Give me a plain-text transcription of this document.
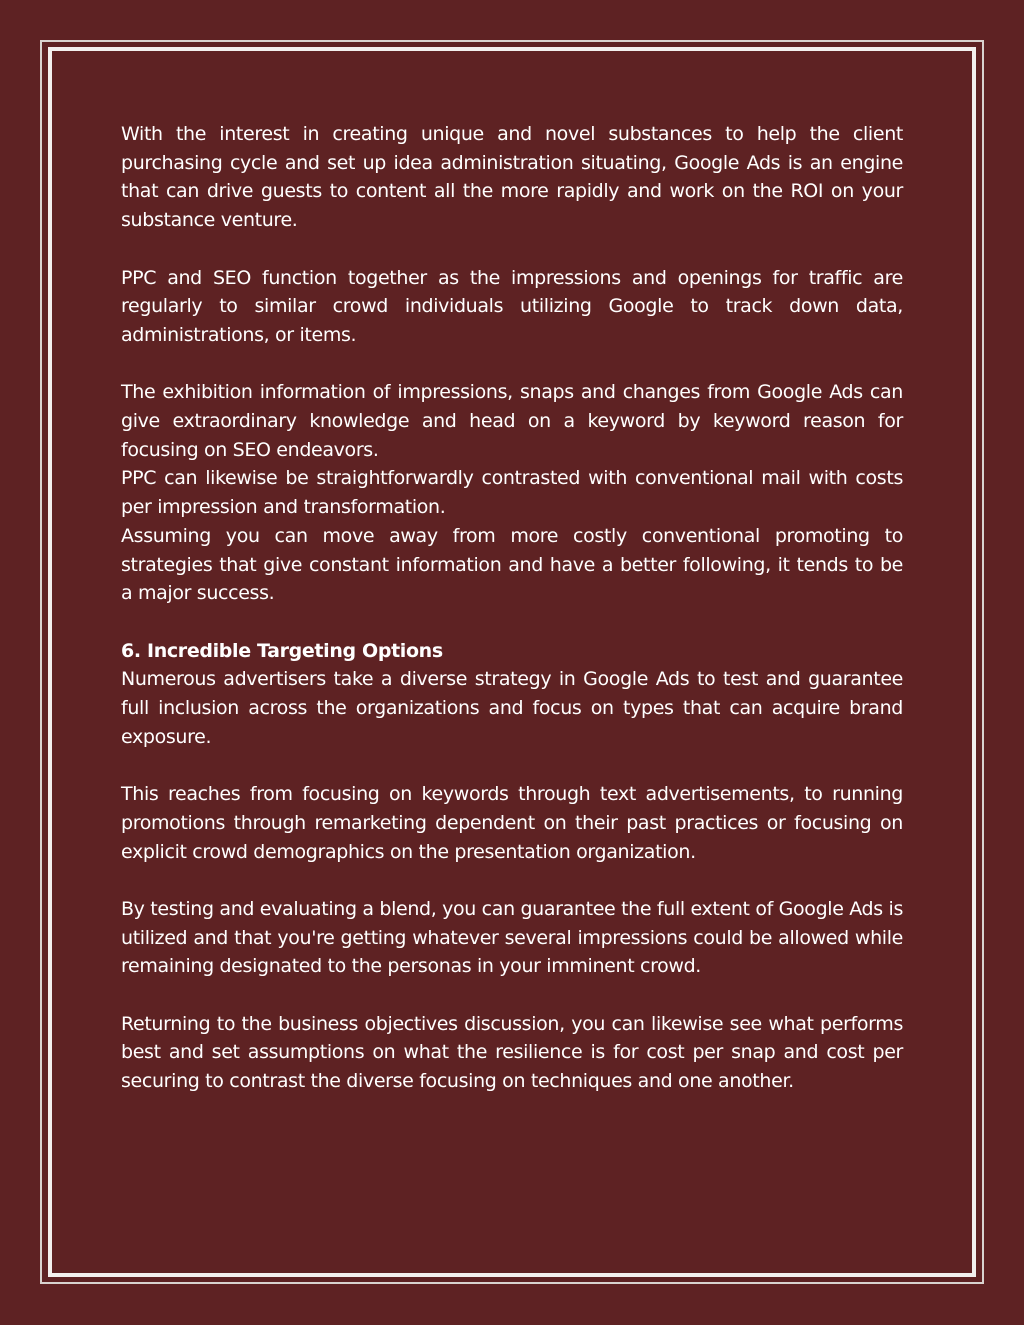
With the interest in creating unique and novel substances to help the client purchasing cycle and set up idea administration situating, Google Ads is an engine that can drive guests to content all the more rapidly and work on the ROI on your substance venture.

PPC and SEO function together as the impressions and openings for traffic are regularly to similar crowd individuals utilizing Google to track down data, administrations, or items.

The exhibition information of impressions, snaps and changes from Google Ads can give extraordinary knowledge and head on a keyword by keyword reason for focusing on SEO endeavors.

PPC can likewise be straightforwardly contrasted with conventional mail with costs per impression and transformation.

Assuming you can move away from more costly conventional promoting to strategies that give constant information and have a better following, it tends to be a major success.

6. Incredible Targeting Options

Numerous advertisers take a diverse strategy in Google Ads to test and guarantee full inclusion across the organizations and focus on types that can acquire brand exposure.

This reaches from focusing on keywords through text advertisements, to running promotions through remarketing dependent on their past practices or focusing on explicit crowd demographics on the presentation organization.

By testing and evaluating a blend, you can guarantee the full extent of Google Ads is utilized and that you're getting whatever several impressions could be allowed while remaining designated to the personas in your imminent crowd.

Returning to the business objectives discussion, you can likewise see what performs best and set assumptions on what the resilience is for cost per snap and cost per securing to contrast the diverse focusing on techniques and one another.
